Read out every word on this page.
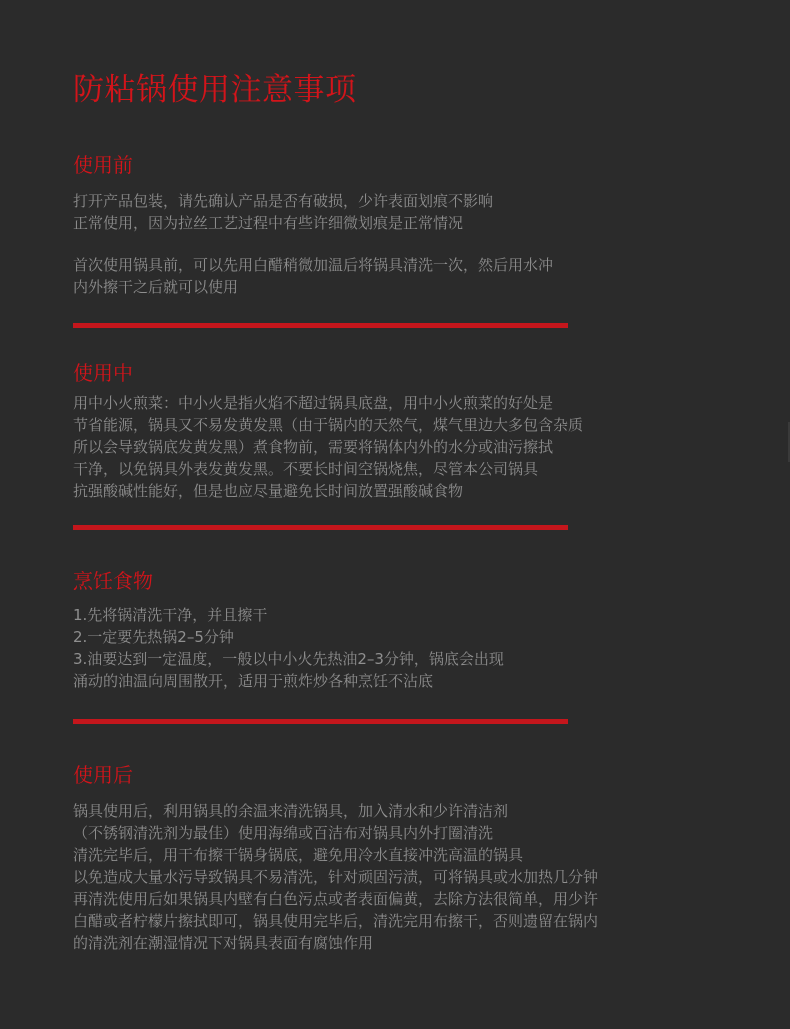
防粘锅使用注意事项
使用前

打开产品包装，请先确认产品是否有破损，少许表面划痕不影响
正常使用，因为拉丝工艺过程中有些许细微划痕是正常情况

首次使用锅具前，可以先用白醋稍微加温后将锅具清洗一次，然后用水冲
内外擦干之后就可以使用

使用中

用中小火煎菜：中小火是指火焰不超过锅具底盘，用中小火煎菜的好处是
节省能源，锅具又不易发黄发黑（由于锅内的天然气，煤气里边大多包含杂质
所以会导致锅底发黄发黑）煮食物前，需要将锅体内外的水分或油污擦拭
干净，以免锅具外表发黄发黑。不要长时间空锅烧焦，尽管本公司锅具
抗强酸碱性能好，但是也应尽量避免长时间放置强酸碱食物

烹饪食物

1.先将锅清洗干净，并且擦干
2.一定要先热锅2–5分钟
3.油要达到一定温度，一般以中小火先热油2–3分钟，锅底会出现
涌动的油温向周围散开，适用于煎炸炒各种烹饪不沾底

使用后

锅具使用后，利用锅具的余温来清洗锅具，加入清水和少许清洁剂
（不锈钢清洗剂为最佳）使用海绵或百洁布对锅具内外打圈清洗
清洗完毕后，用干布擦干锅身锅底，避免用冷水直接冲洗高温的锅具
以免造成大量水污导致锅具不易清洗，针对顽固污渍，可将锅具或水加热几分钟
再清洗使用后如果锅具内壁有白色污点或者表面偏黄，去除方法很简单，用少许
白醋或者柠檬片擦拭即可，锅具使用完毕后，清洗完用布擦干，否则遗留在锅内
的清洗剂在潮湿情况下对锅具表面有腐蚀作用
